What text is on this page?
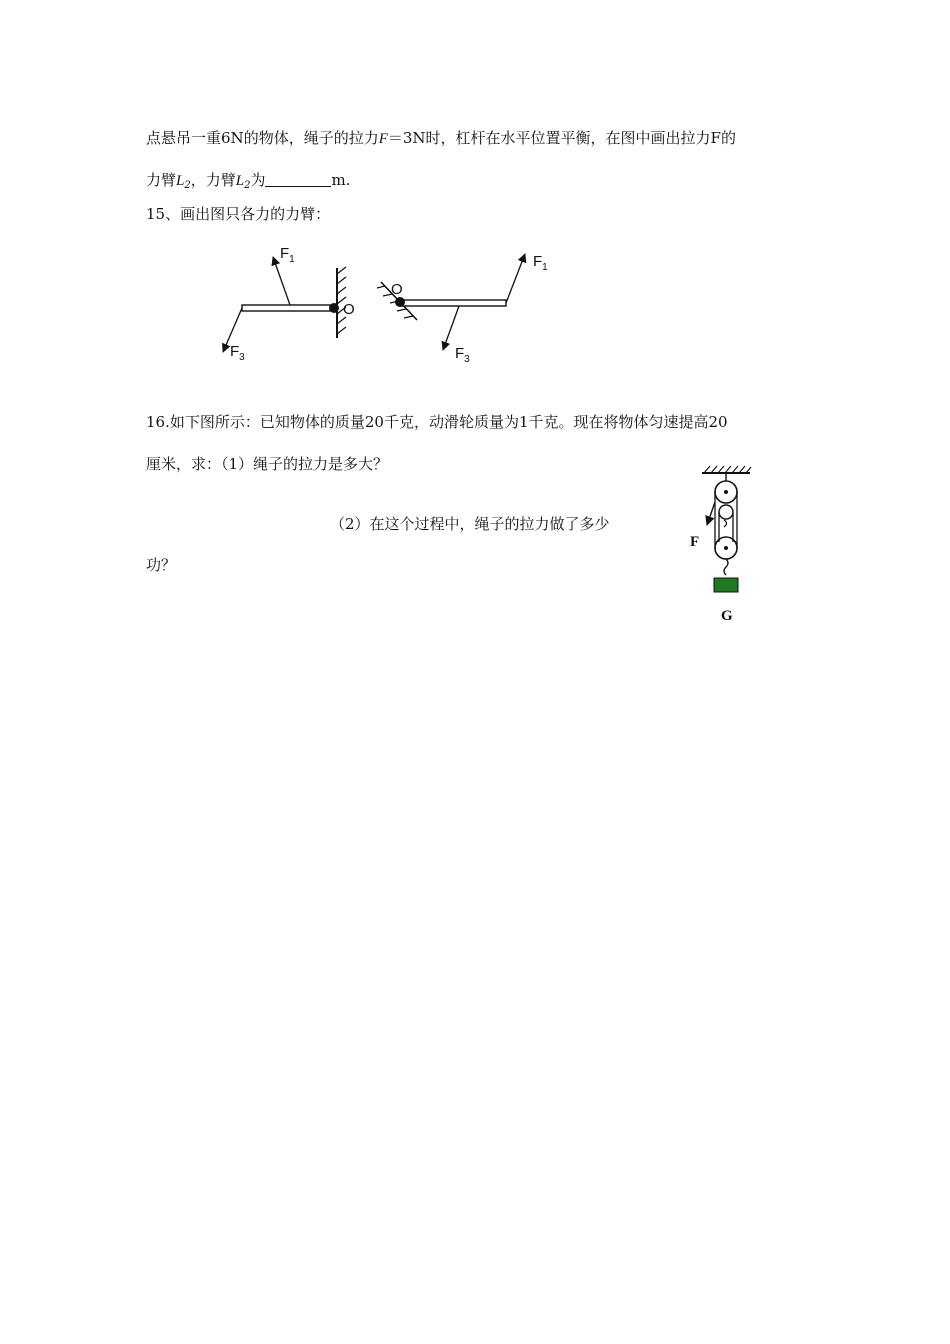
点悬吊一重6N的物体，绳子的拉力F＝3N时，杠杆在水平位置平衡，在图中画出拉力F的
力臂$L_2$，力臂$L_2$为	m.
15、画出图只各力的力臂：
O
$F_1$
$F_3$
O
$F_1$
$F_3$
16.如下图所示：已知物体的质量20千克，动滑轮质量为1千克。现在将物体匀速提高20
厘米，求：（1）绳子的拉力是多大？
（2）在这个过程中，绳子的拉力做了多少
功？
F
G
